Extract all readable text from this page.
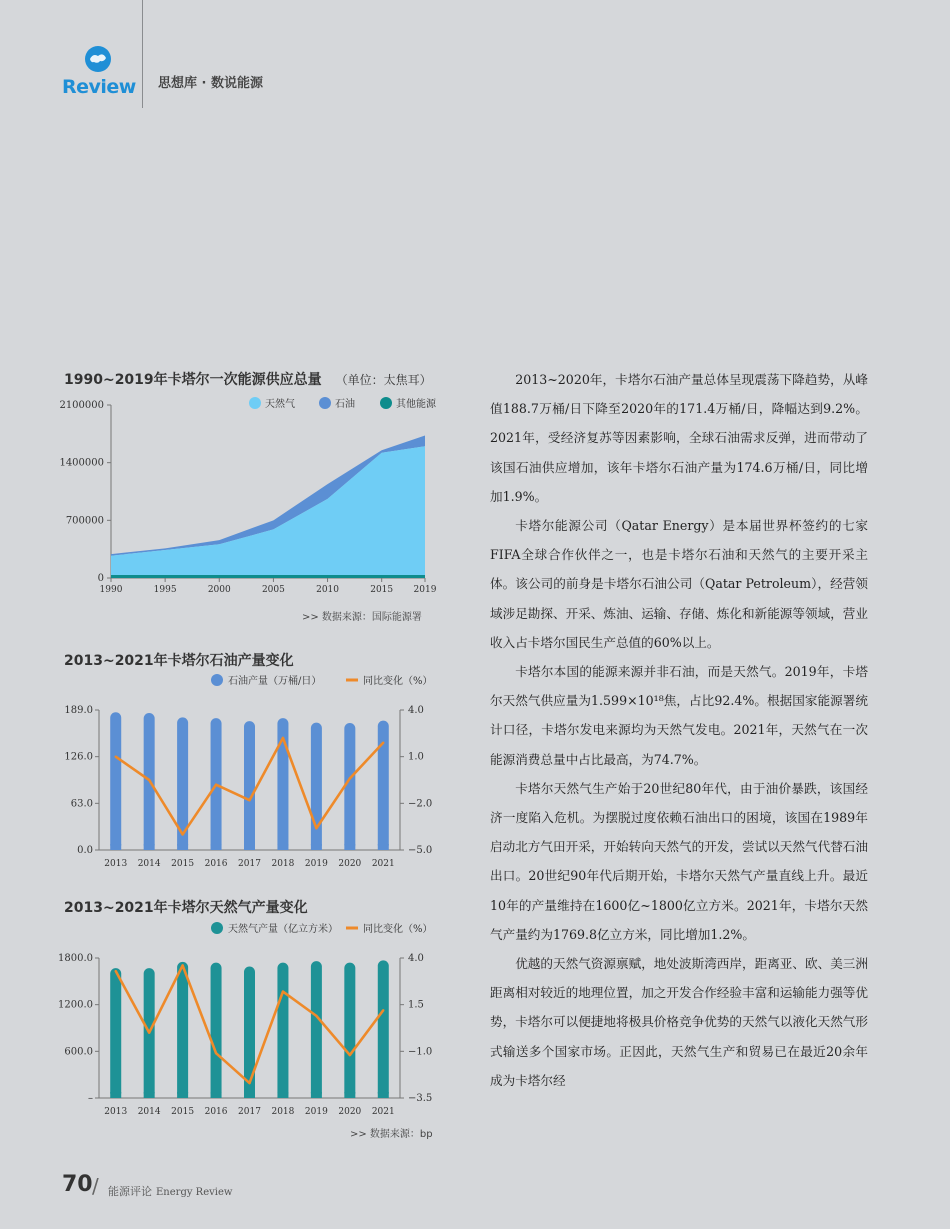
Review 思想库 · 数说能源
1990~2019年卡塔尔一次能源供应总量 （单位：太焦耳）
2100000
1400000
700000
0
1990	1995	2000	2005	2010	2015 2019
天然气	石油	其他能源
>> 数据来源：国际能源署
2013~2021年卡塔尔石油产量变化
189.0	4.0
126.0	1.0
63.0	−2.0
0.0	−5.0
2013 2014 2015 2016 2017 2018 2019 2020 2021
石油产量（万桶/日）	同比变化（%）
2013~2021年卡塔尔天然气产量变化
1800.0	4.0
1200.0	1.5
600.0	−1.0
–	−3.5
2013 2014 2015 2016 2017 2018 2019 2020 2021
天然气产量（亿立方米）	同比变化（%）
>> 数据来源：bp

2013~2020年，卡塔尔石油产量总体呈现震荡下降趋势，从峰值188.7万桶/日下降至2020年的171.4万桶/日，降幅达到9.2%。2021年，受经济复苏等因素影响，全球石油需求反弹，进而带动了该国石油供应增加，该年卡塔尔石油产量为174.6万桶/日，同比增加1.9%。

卡塔尔能源公司（Qatar Energy）是本届世界杯签约的七家FIFA全球合作伙伴之一，也是卡塔尔石油和天然气的主要开采主体。该公司的前身是卡塔尔石油公司（Qatar Petroleum），经营领域涉足勘探、开采、炼油、运输、存储、炼化和新能源等领域，营业收入占卡塔尔国民生产总值的60%以上。

卡塔尔本国的能源来源并非石油，而是天然气。2019年，卡塔尔天然气供应量为1.599×10¹⁸焦，占比92.4%。根据国家能源署统计口径，卡塔尔发电来源均为天然气发电。2021年，天然气在一次能源消费总量中占比最高，为74.7%。

卡塔尔天然气生产始于20世纪80年代，由于油价暴跌，该国经济一度陷入危机。为摆脱过度依赖石油出口的困境，该国在1989年启动北方气田开采，开始转向天然气的开发，尝试以天然气代替石油出口。20世纪90年代后期开始，卡塔尔天然气产量直线上升。最近10年的产量维持在1600亿~1800亿立方米。2021年，卡塔尔天然气产量约为1769.8亿立方米，同比增加1.2%。

优越的天然气资源禀赋，地处波斯湾西岸，距离亚、欧、美三洲距离相对较近的地理位置，加之开发合作经验丰富和运输能力强等优势，卡塔尔可以便捷地将极具价格竞争优势的天然气以液化天然气形式输送多个国家市场。正因此，天然气生产和贸易已在最近20余年成为卡塔尔经

70 / 能源评论 Energy Review
